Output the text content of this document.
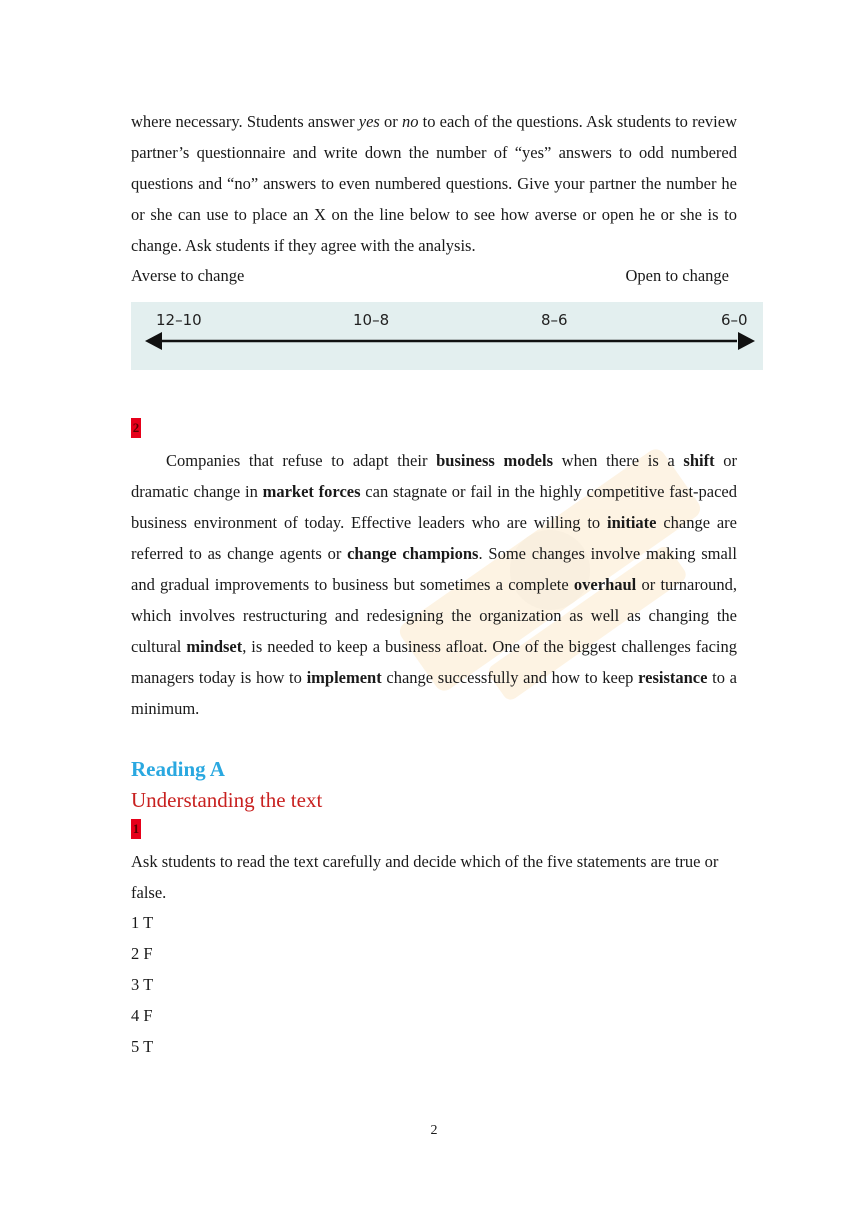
where necessary. Students answer yes or no to each of the questions. Ask students to review partner’s questionnaire and write down the number of “yes” answers to odd numbered questions and “no” answers to even numbered questions. Give your partner the number he or she can use to place an X on the line below to see how averse or open he or she is to change. Ask students if they agree with the analysis.
Averse to change	Open to change
12–10	10–8	8–6	6–0
2
Companies that refuse to adapt their business models when there is a shift or dramatic change in market forces can stagnate or fail in the highly competitive fast-paced business environment of today. Effective leaders who are willing to initiate change are referred to as change agents or change champions. Some changes involve making small and gradual improvements to business but sometimes a complete overhaul or turnaround, which involves restructuring and redesigning the organization as well as changing the cultural mindset, is needed to keep a business afloat. One of the biggest challenges facing managers today is how to implement change successfully and how to keep resistance to a minimum.
Reading A
Understanding the text
1
Ask students to read the text carefully and decide which of the five statements are true or false.
1 T
2 F
3 T
4 F
5 T
2
